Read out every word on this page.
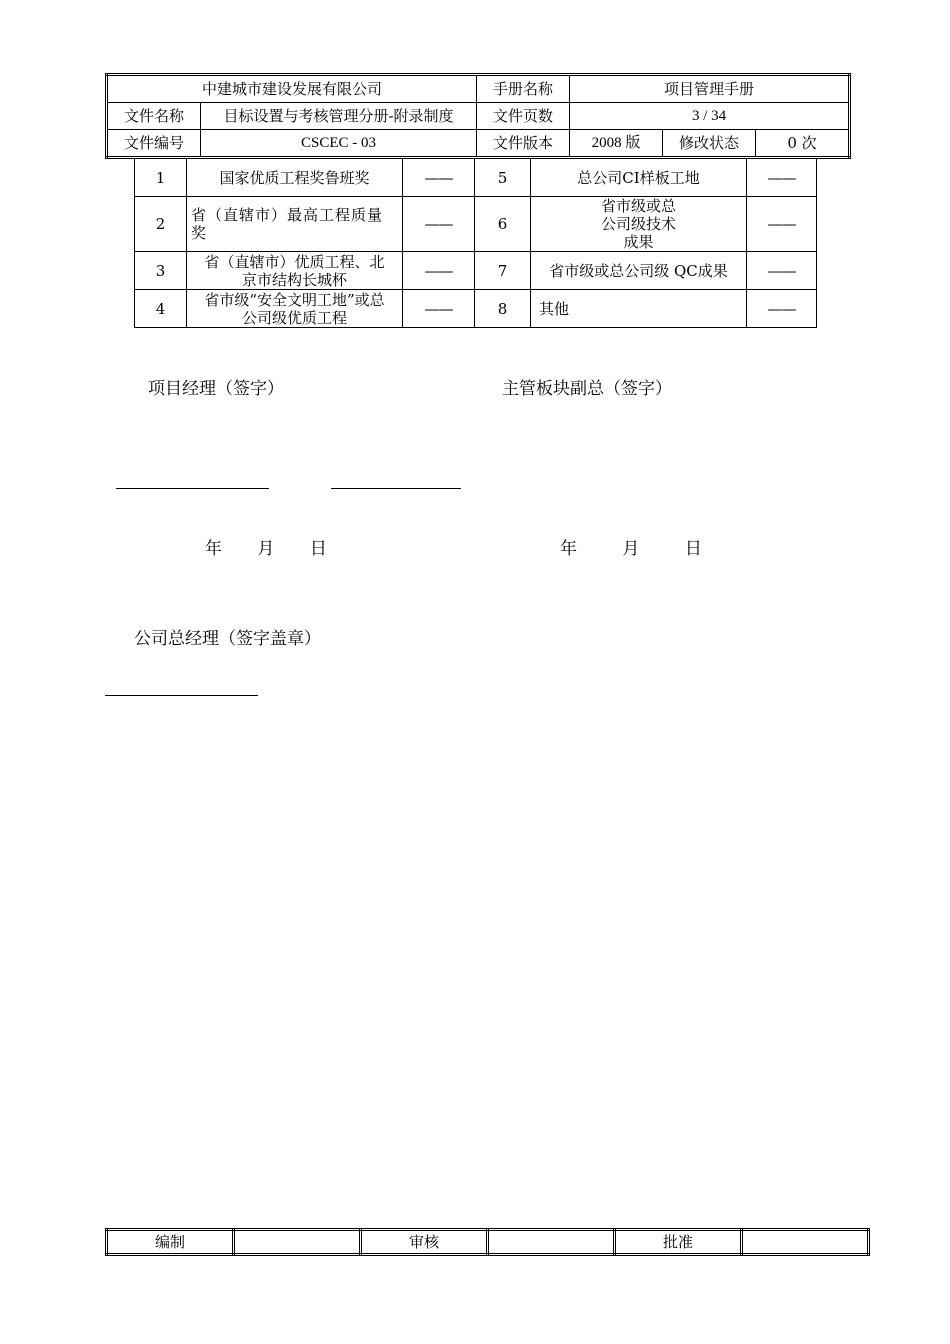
中建城市建设发展有限公司		手册名称	项目管理手册		
文件名称	目标设置与考核管理分册-附录制度	文件页数	3 / 34		
文件编号	CSCEC - 03	文件版本	2008 版	修改状态	0 次
1	国家优质工程奖鲁班奖	——	5	总公司CI样板工地	——
2	省（直辖市）最高工程质量奖	——	6	省市级或总公司级技术成果	——
3	省（直辖市）优质工程、北京市结构长城杯	——	7	省市级或总公司级 QC成果	——
4	省市级“安全文明工地”或总公司级优质工程	——	8	其他	——
项目经理（签字）	主管板块副总（签字）
年 月 日	年	月	日
公司总经理（签字盖章）
编制		审核		批准	
